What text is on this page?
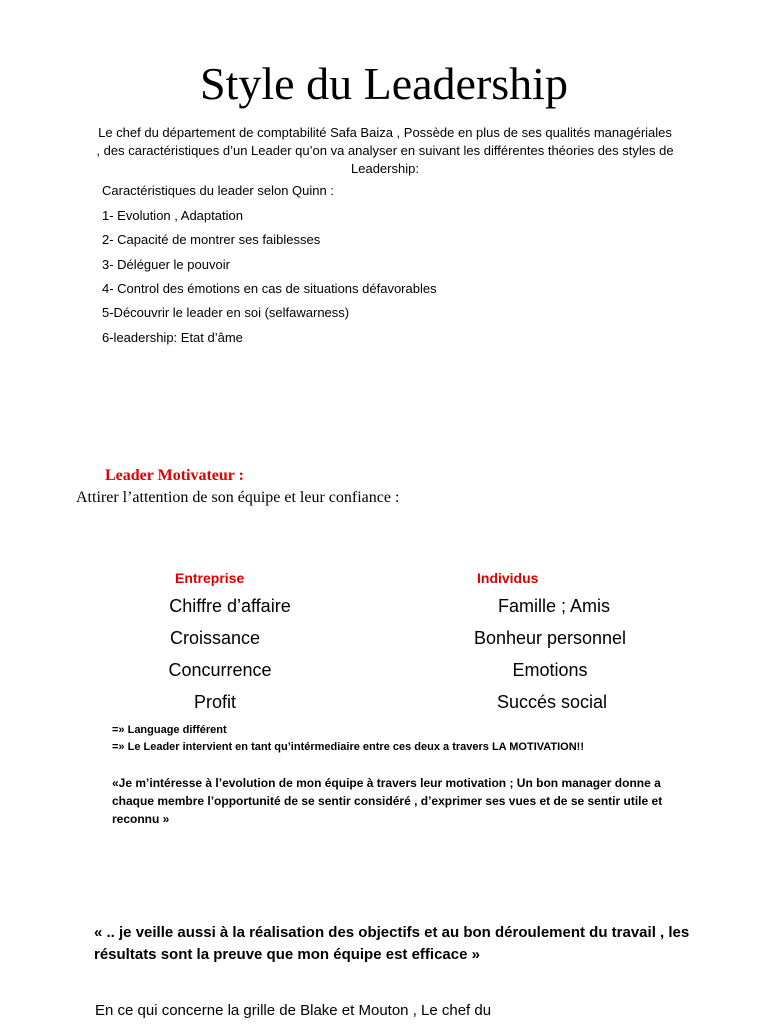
Style du Leadership
Le chef du département de comptabilité Safa Baiza , Possède en plus de ses qualités managériales , des caractéristiques d’un Leader qu’on va analyser en suivant les différentes théories des styles de Leadership:
Caractéristiques du leader selon Quinn :
1- Evolution , Adaptation
2- Capacité de montrer ses faiblesses
3- Déléguer le pouvoir
4- Control des émotions en cas de situations défavorables
5-Découvrir le leader en soi (selfawarness)
6-leadership: Etat d’âme
Leader Motivateur :
Attirer l’attention de son équipe et leur confiance :
Entreprise	Individus
Chiffre d’affaire
Croissance
Concurrence
Profit
Famille ; Amis
Bonheur personnel
Emotions
Succés social
=» Language différent
=» Le Leader intervient en tant qu’intérmediaire entre ces deux a travers LA MOTIVATION!!
«Je m’intéresse à l’evolution de mon équipe à travers leur motivation ; Un bon manager donne a chaque membre l’opportunité de se sentir considéré , d’exprimer ses vues et de se sentir utile et reconnu »
« .. je veille aussi à la réalisation des objectifs et au bon déroulement du travail , les résultats sont la preuve que mon équipe est efficace »
En ce qui concerne la grille de Blake et Mouton , Le chef du
